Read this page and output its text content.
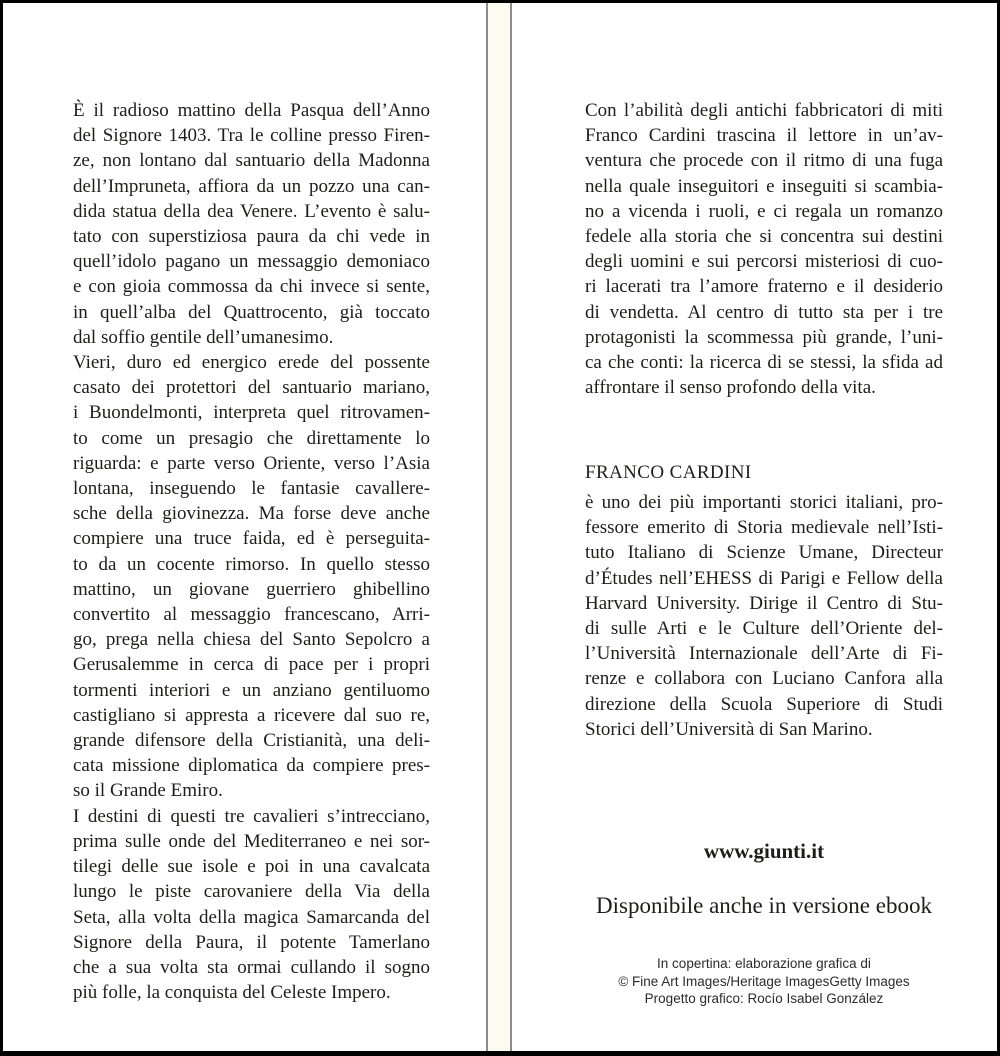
È il radioso mattino della Pasqua dell’Anno
del Signore 1403. Tra le colline presso Firen-
ze, non lontano dal santuario della Madonna
dell’Impruneta, affiora da un pozzo una can-
dida statua della dea Venere. L’evento è salu-
tato con superstiziosa paura da chi vede in
quell’idolo pagano un messaggio demoniaco
e con gioia commossa da chi invece si sente,
in quell’alba del Quattrocento, già toccato
dal soffio gentile dell’umanesimo.

Vieri, duro ed energico erede del possente
casato dei protettori del santuario mariano,
i Buondelmonti, interpreta quel ritrovamen-
to come un presagio che direttamente lo
riguarda: e parte verso Oriente, verso l’Asia
lontana, inseguendo le fantasie cavallere-
sche della giovinezza. Ma forse deve anche
compiere una truce faida, ed è perseguita-
to da un cocente rimorso. In quello stesso
mattino, un giovane guerriero ghibellino
convertito al messaggio francescano, Arri-
go, prega nella chiesa del Santo Sepolcro a
Gerusalemme in cerca di pace per i propri
tormenti interiori e un anziano gentiluomo
castigliano si appresta a ricevere dal suo re,
grande difensore della Cristianità, una deli-
cata missione diplomatica da compiere pres-
so il Grande Emiro.

I destini di questi tre cavalieri s’intrecciano,
prima sulle onde del Mediterraneo e nei sor-
tilegi delle sue isole e poi in una cavalcata
lungo le piste carovaniere della Via della
Seta, alla volta della magica Samarcanda del
Signore della Paura, il potente Tamerlano
che a sua volta sta ormai cullando il sogno
più folle, la conquista del Celeste Impero.

Con l’abilità degli antichi fabbricatori di miti
Franco Cardini trascina il lettore in un’av-
ventura che procede con il ritmo di una fuga
nella quale inseguitori e inseguiti si scambia-
no a vicenda i ruoli, e ci regala un romanzo
fedele alla storia che si concentra sui destini
degli uomini e sui percorsi misteriosi di cuo-
ri lacerati tra l’amore fraterno e il desiderio
di vendetta. Al centro di tutto sta per i tre
protagonisti la scommessa più grande, l’uni-
ca che conti: la ricerca di se stessi, la sfida ad
affrontare il senso profondo della vita.

FRANCO CARDINI

è uno dei più importanti storici italiani, pro-
fessore emerito di Storia medievale nell’Isti-
tuto Italiano di Scienze Umane, Directeur
d’Études nell’EHESS di Parigi e Fellow della
Harvard University. Dirige il Centro di Stu-
di sulle Arti e le Culture dell’Oriente del-
l’Università Internazionale dell’Arte di Fi-
renze e collabora con Luciano Canfora alla
direzione della Scuola Superiore di Studi
Storici dell’Università di San Marino.

www.giunti.it
Disponibile anche in versione ebook
In copertina: elaborazione grafica di
© Fine Art Images/Heritage ImagesGetty Images
Progetto grafico: Rocío Isabel González
